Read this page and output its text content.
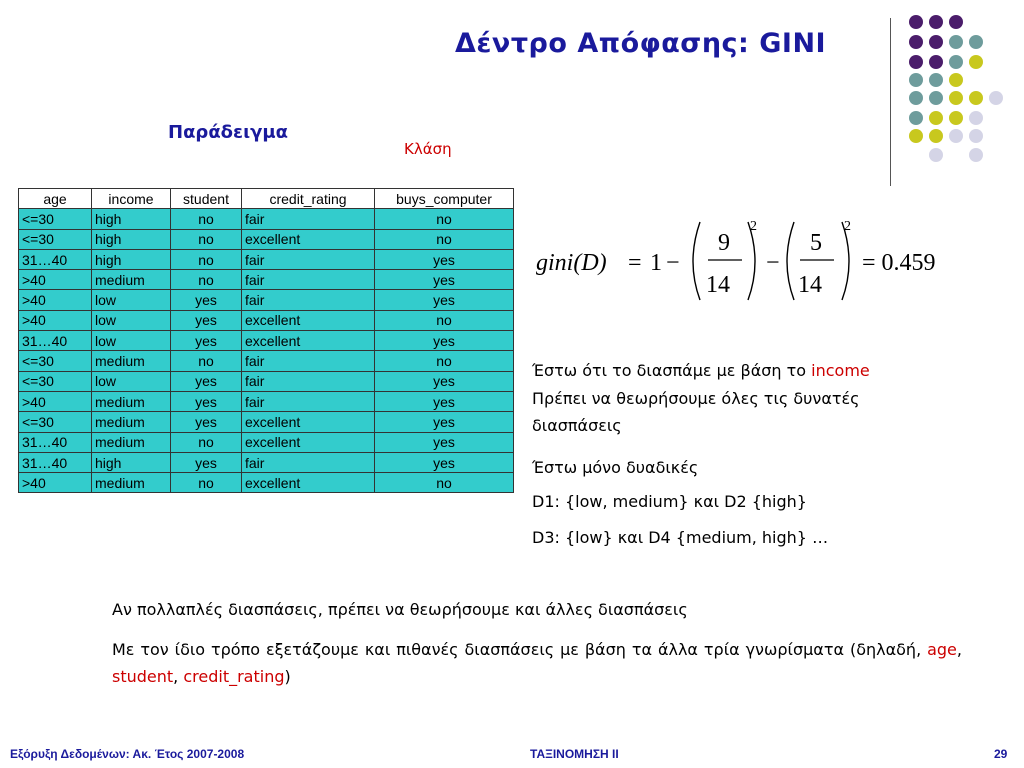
Δέντρο Απόφασης: GINI
Παράδειγμα
Κλάση
age	income	student	credit_rating	buys_computer
<=30	high	no	fair	no
<=30	high	no	excellent	no
31…40	high	no	fair	yes
>40	medium	no	fair	yes
>40	low	yes	fair	yes
>40	low	yes	excellent	no
31…40	low	yes	excellent	yes
<=30	medium	no	fair	no
<=30	low	yes	fair	yes
>40	medium	yes	fair	yes
<=30	medium	yes	excellent	yes
31…40	medium	no	excellent	yes
31…40	high	yes	fair	yes
>40	medium	no	excellent	no
gini(D) = 1 −
9
14
2
−
5
14
2
= 0.459
Έστω ότι το διασπάμε με βάση το income
Πρέπει να θεωρήσουμε όλες τις δυνατές διασπάσεις
Έστω μόνο δυαδικές
D1: {low, medium} και D2 {high}
D3: {low} και D4 {medium, high} …
Αν πολλαπλές διασπάσεις, πρέπει να θεωρήσουμε και άλλες διασπάσεις
Με τον ίδιο τρόπο εξετάζουμε και πιθανές διασπάσεις με βάση τα άλλα τρία γνωρίσματα (δηλαδή, age, student, credit_rating)
Εξόρυξη Δεδομένων: Ακ. Έτος 2007-2008	ΤΑΞΙΝΟΜΗΣΗ II	29
